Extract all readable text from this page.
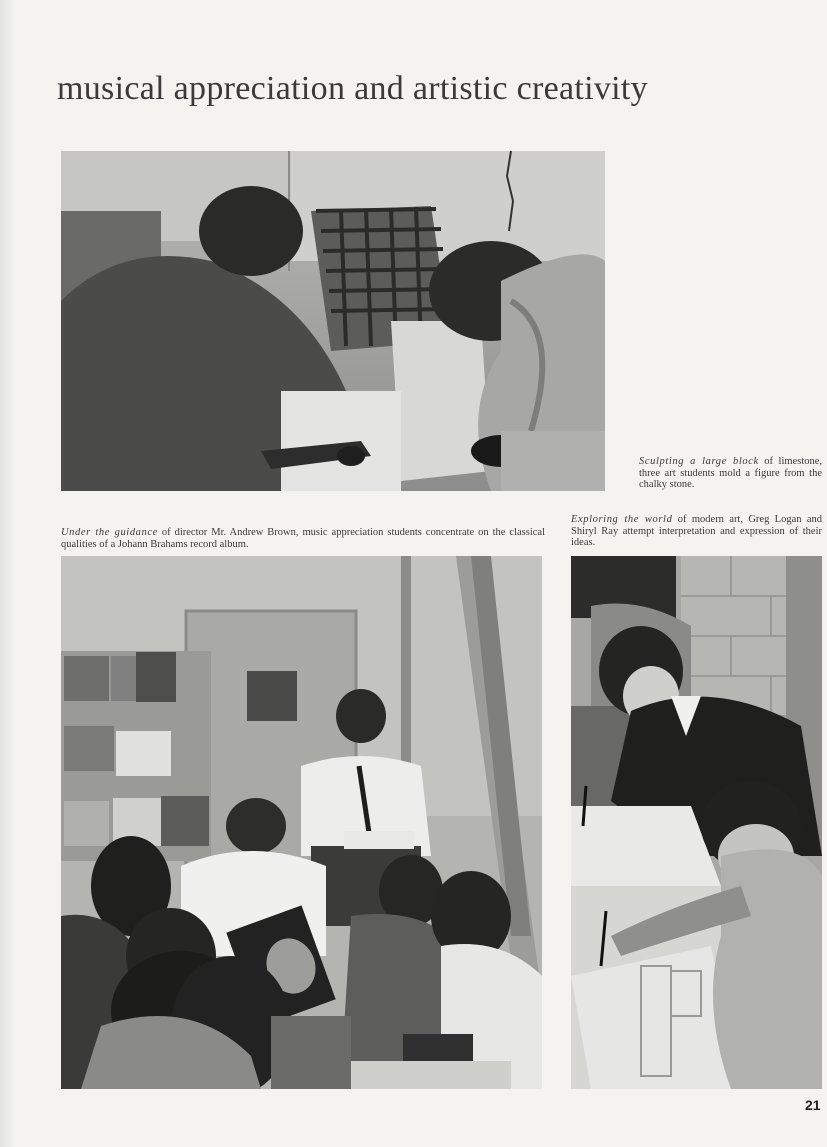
musical appreciation and artistic creativity

Sculpting a large block of limestone, three art students mold a figure from the chalky stone.

Exploring the world of modern art, Greg Logan and Shiryl Ray attempt interpretation and expression of their ideas.

Under the guidance of director Mr. Andrew Brown, music appreciation students concentrate on the classical qualities of a Johann Brahams record album.

21
